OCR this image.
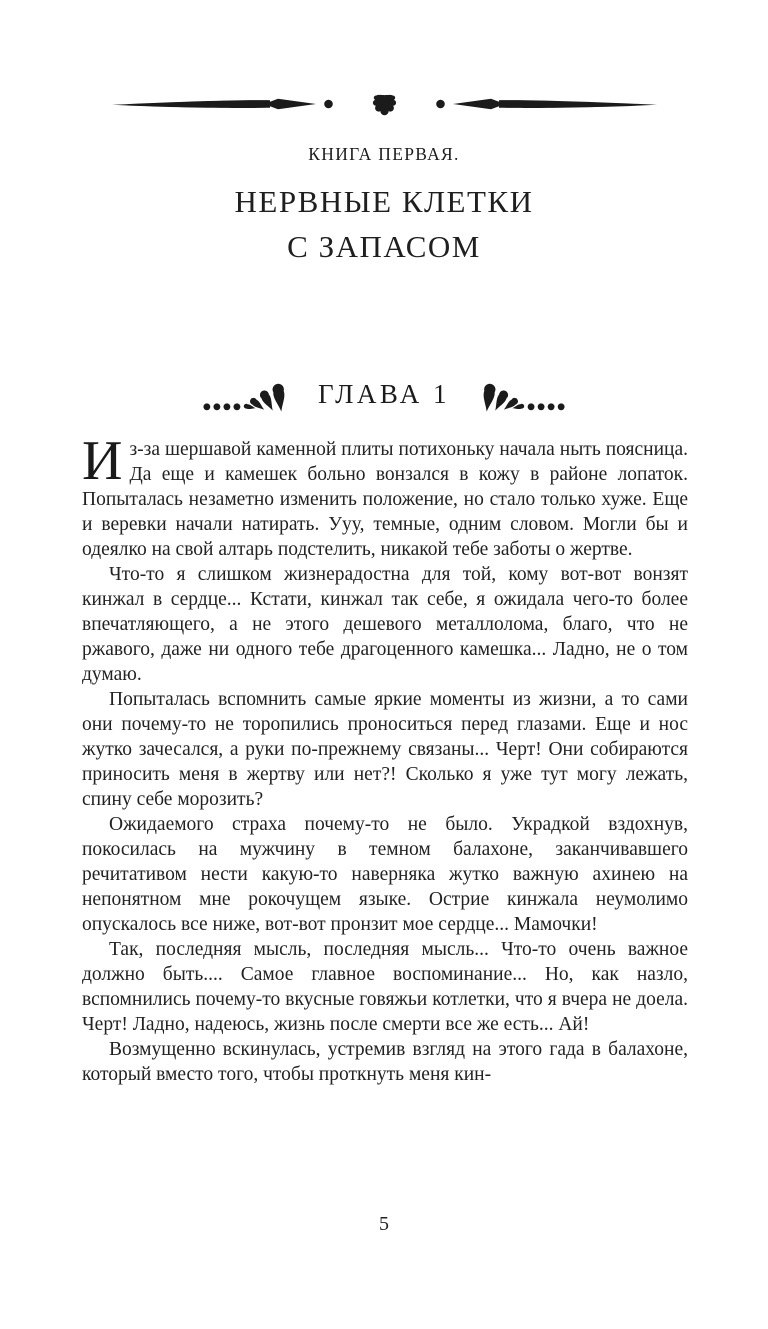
КНИГА ПЕРВАЯ.
НЕРВНЫЕ КЛЕТКИ
С ЗАПАСОМ
ГЛАВА 1

Из-за шершавой каменной плиты потихоньку начала ныть поясница. Да еще и камешек больно вонзался в кожу в районе лопаток. Попыталась незаметно изменить положение, но стало только хуже. Еще и веревки начали натирать. Ууу, темные, одним словом. Могли бы и одеялко на свой алтарь подстелить, никакой тебе заботы о жертве.

Что-то я слишком жизнерадостна для той, кому вот-вот вонзят кинжал в сердце... Кстати, кинжал так себе, я ожидала чего-то более впечатляющего, а не этого дешевого металлолома, благо, что не ржавого, даже ни одного тебе драгоценного камешка... Ладно, не о том думаю.

Попыталась вспомнить самые яркие моменты из жизни, а то сами они почему-то не торопились проноситься перед глазами. Еще и нос жутко зачесался, а руки по-прежнему связаны... Черт! Они собираются приносить меня в жертву или нет?! Сколько я уже тут могу лежать, спину себе морозить?

Ожидаемого страха почему-то не было. Украдкой вздохнув, покосилась на мужчину в темном балахоне, заканчивавшего речитативом нести какую-то наверняка жутко важную ахинею на непонятном мне рокочущем языке. Острие кинжала неумолимо опускалось все ниже, вот-вот пронзит мое сердце... Мамочки!

Так, последняя мысль, последняя мысль... Что-то очень важное должно быть.... Самое главное воспоминание... Но, как назло, вспомнились почему-то вкусные говяжьи котлетки, что я вчера не доела. Черт! Ладно, надеюсь, жизнь после смерти все же есть... Ай!

Возмущенно вскинулась, устремив взгляд на этого гада в балахоне, который вместо того, чтобы проткнуть меня кин-

5
